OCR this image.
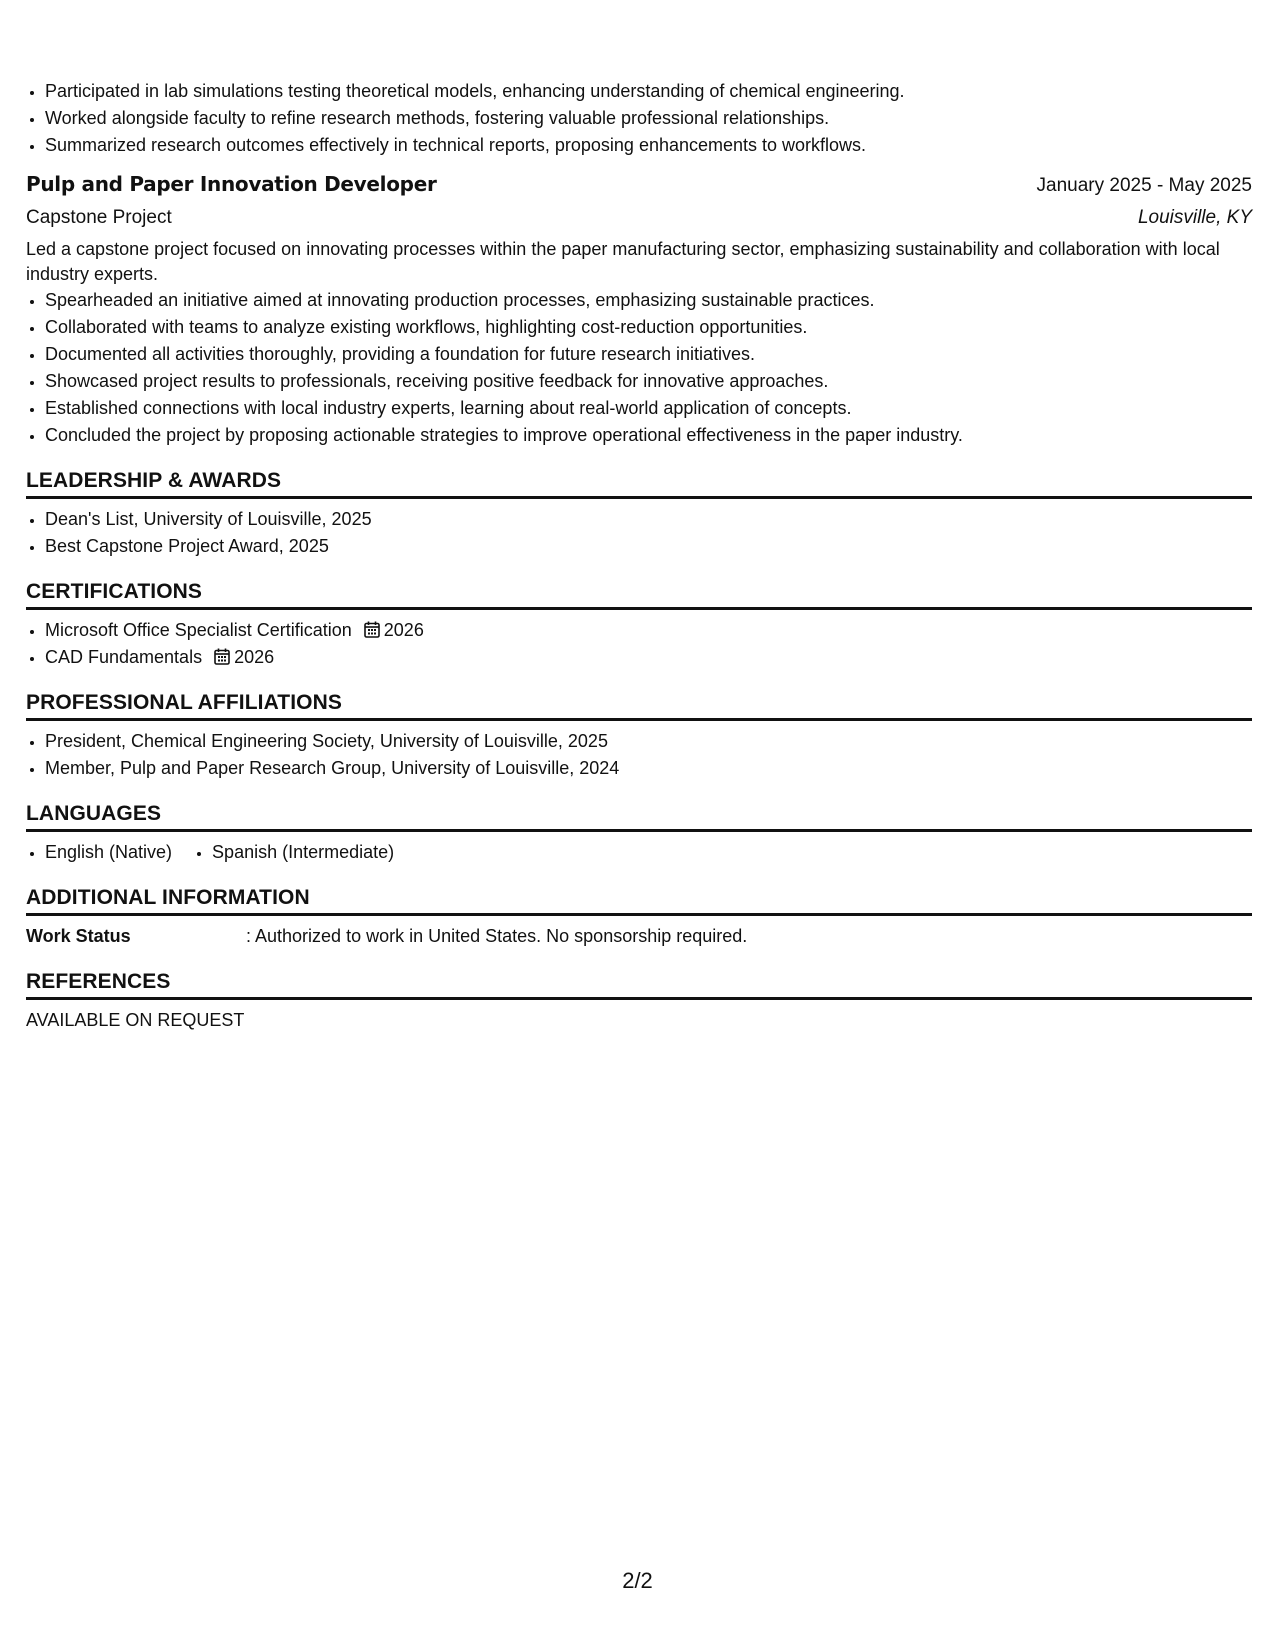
• Participated in lab simulations testing theoretical models, enhancing understanding of chemical engineering.
• Worked alongside faculty to refine research methods, fostering valuable professional relationships.
• Summarized research outcomes effectively in technical reports, proposing enhancements to workflows.
Pulp and Paper Innovation Developer	January 2025 - May 2025
Capstone Project	Louisville, KY

Led a capstone project focused on innovating processes within the paper manufacturing sector, emphasizing sustainability and collaboration with local industry experts.

• Spearheaded an initiative aimed at innovating production processes, emphasizing sustainable practices.
• Collaborated with teams to analyze existing workflows, highlighting cost-reduction opportunities.
• Documented all activities thoroughly, providing a foundation for future research initiatives.
• Showcased project results to professionals, receiving positive feedback for innovative approaches.
• Established connections with local industry experts, learning about real-world application of concepts.
• Concluded the project by proposing actionable strategies to improve operational effectiveness in the paper industry.
LEADERSHIP & AWARDS
• Dean's List, University of Louisville, 2025
• Best Capstone Project Award, 2025
CERTIFICATIONS
• Microsoft Office Specialist Certification 2026
• CAD Fundamentals 2026
PROFESSIONAL AFFILIATIONS
• President, Chemical Engineering Society, University of Louisville, 2025
• Member, Pulp and Paper Research Group, University of Louisville, 2024
LANGUAGES
• English (Native)
• Spanish (Intermediate)
ADDITIONAL INFORMATION
Work Status	: Authorized to work in United States. No sponsorship required.
REFERENCES
AVAILABLE ON REQUEST
2/2
